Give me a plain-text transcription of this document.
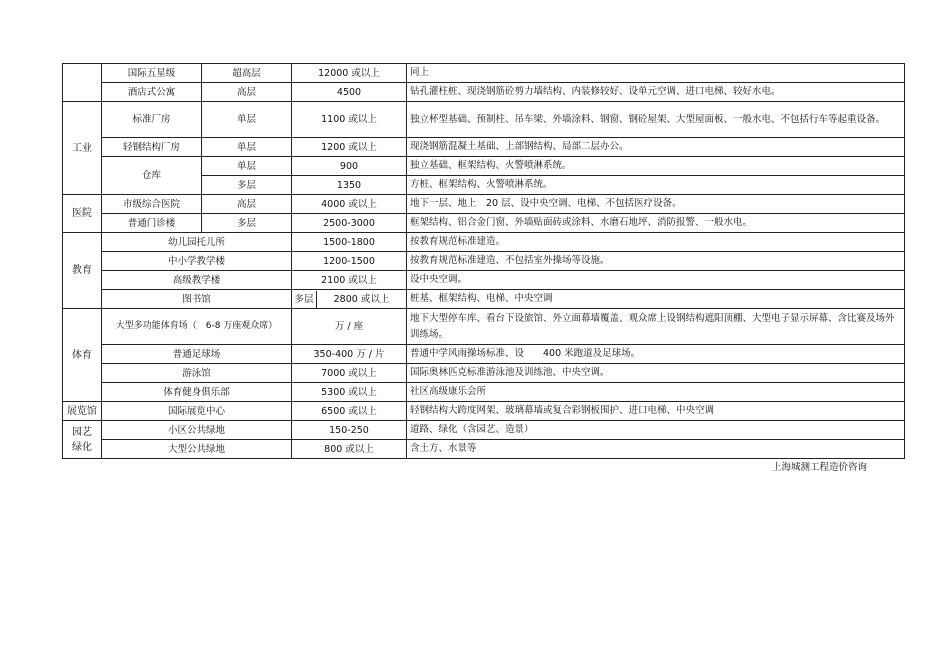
	国际五星级	超高层	12000 或以上	同上
	酒店式公寓	高层	4500	钻孔灌柱桩、现浇钢筋砼剪力墙结构、内装修较好、设单元空调、进口电梯、较好水电。
工业	标准厂房	单层	1100 或以上	独立杯型基础、预制柱、吊车梁、外墙涂料、钢窗、钢砼屋架、大型屋面板、一般水电、不包括行车等起重设备。
	轻钢结构厂房	单层	1200 或以上	现浇钢筋混凝土基础、上部钢结构、局部二层办公。
	仓库	单层	900	独立基础、框架结构、火警喷淋系统。
		多层	1350	方桩、框架结构、火警喷淋系统。
医院	市级综合医院	高层	4000 或以上	地下一层、地上　20 层、设中央空调、电梯、不包括医疗设备。
	普通门诊楼	多层	2500-3000	框架结构、铝合金门窗、外墙贴面砖或涂料、水磨石地坪、消防报警、一般水电。
教育	幼儿园托儿所		1500-1800	按教育规范标准建造。
	中小学教学楼		1200-1500	按教育规范标准建造、不包括室外操场等设施。
	高级教学楼		2100 或以上	设中央空调。
	图书馆		多层 2800 或以上	桩基、框架结构、电梯、中央空调
体育	大型多功能体育场（　6-8 万座观众席）		万 / 座	地下大型停车库、看台下设旅馆、外立面幕墙覆盖、观众席上设钢结构遮阳顶棚、大型电子显示屏幕、含比赛及场外训练场。
	普通足球场		350-400 万 / 片	普通中学风雨操场标准、设　　400 米跑道及足球场。
	游泳馆		7000 或以上	国际奥林匹克标准游泳池及训练池、中央空调。
	体育健身俱乐部		5300 或以上	社区高级康乐会所
展览馆	国际展览中心		6500 或以上	轻钢结构大跨度网架、玻璃幕墙或复合彩钢板围护、进口电梯、中央空调

园艺
绿化	小区公共绿地		150-250	道路、绿化（含园艺、造景）
	大型公共绿地		800 或以上	含土方、水景等
上海城测工程造价咨询
